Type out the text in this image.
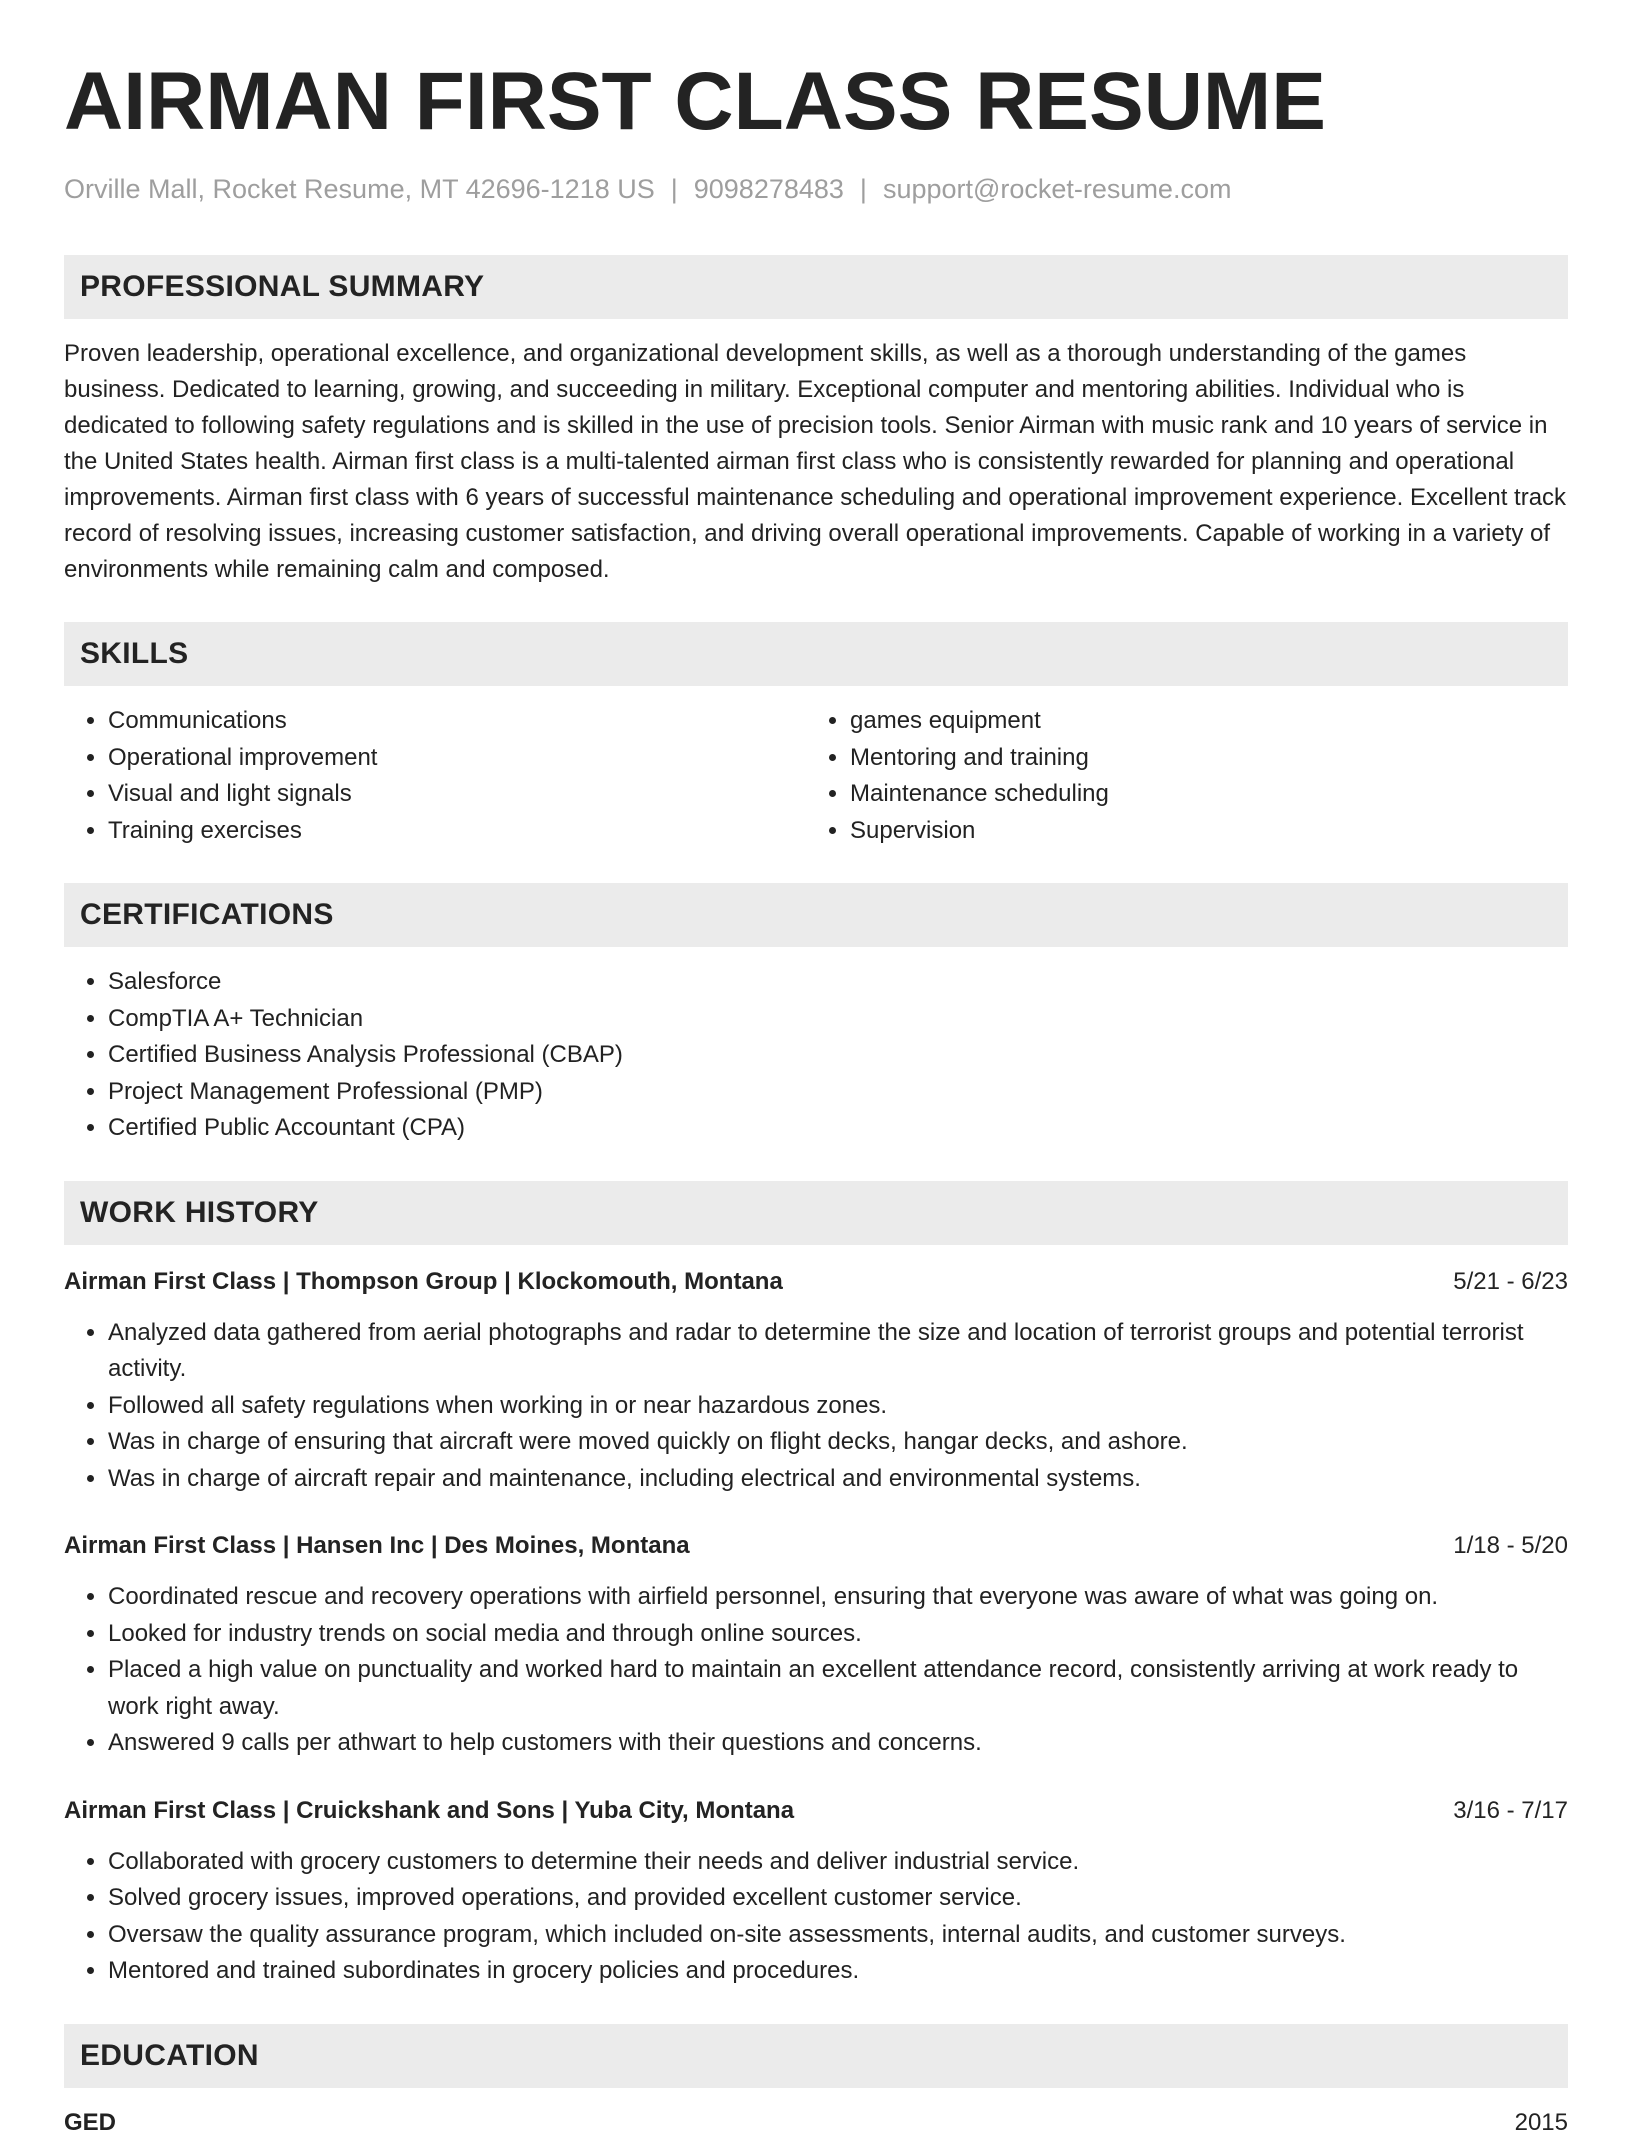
AIRMAN FIRST CLASS RESUME
Orville Mall, Rocket Resume, MT 42696-1218 US | 9098278483 | support@rocket-resume.com
PROFESSIONAL SUMMARY

Proven leadership, operational excellence, and organizational development skills, as well as a thorough understanding of the games business. Dedicated to learning, growing, and succeeding in military. Exceptional computer and mentoring abilities. Individual who is dedicated to following safety regulations and is skilled in the use of precision tools. Senior Airman with music rank and 10 years of service in the United States health. Airman first class is a multi-talented airman first class who is consistently rewarded for planning and operational improvements. Airman first class with 6 years of successful maintenance scheduling and operational improvement experience. Excellent track record of resolving issues, increasing customer satisfaction, and driving overall operational improvements. Capable of working in a variety of environments while remaining calm and composed.

SKILLS
• Communications
• Operational improvement
• Visual and light signals
• Training exercises
• games equipment
• Mentoring and training
• Maintenance scheduling
• Supervision
CERTIFICATIONS
• Salesforce
• CompTIA A+ Technician
• Certified Business Analysis Professional (CBAP)
• Project Management Professional (PMP)
• Certified Public Accountant (CPA)
WORK HISTORY
Airman First Class | Thompson Group | Klockomouth, Montana	5/21 - 6/23
• Analyzed data gathered from aerial photographs and radar to determine the size and location of terrorist groups and potential terrorist activity.
• Followed all safety regulations when working in or near hazardous zones.
• Was in charge of ensuring that aircraft were moved quickly on flight decks, hangar decks, and ashore.
• Was in charge of aircraft repair and maintenance, including electrical and environmental systems.
Airman First Class | Hansen Inc | Des Moines, Montana	1/18 - 5/20
• Coordinated rescue and recovery operations with airfield personnel, ensuring that everyone was aware of what was going on.
• Looked for industry trends on social media and through online sources.
• Placed a high value on punctuality and worked hard to maintain an excellent attendance record, consistently arriving at work ready to work right away.
• Answered 9 calls per athwart to help customers with their questions and concerns.
Airman First Class | Cruickshank and Sons | Yuba City, Montana	3/16 - 7/17
• Collaborated with grocery customers to determine their needs and deliver industrial service.
• Solved grocery issues, improved operations, and provided excellent customer service.
• Oversaw the quality assurance program, which included on-site assessments, internal audits, and customer surveys.
• Mentored and trained subordinates in grocery policies and procedures.
EDUCATION
GED	2015
